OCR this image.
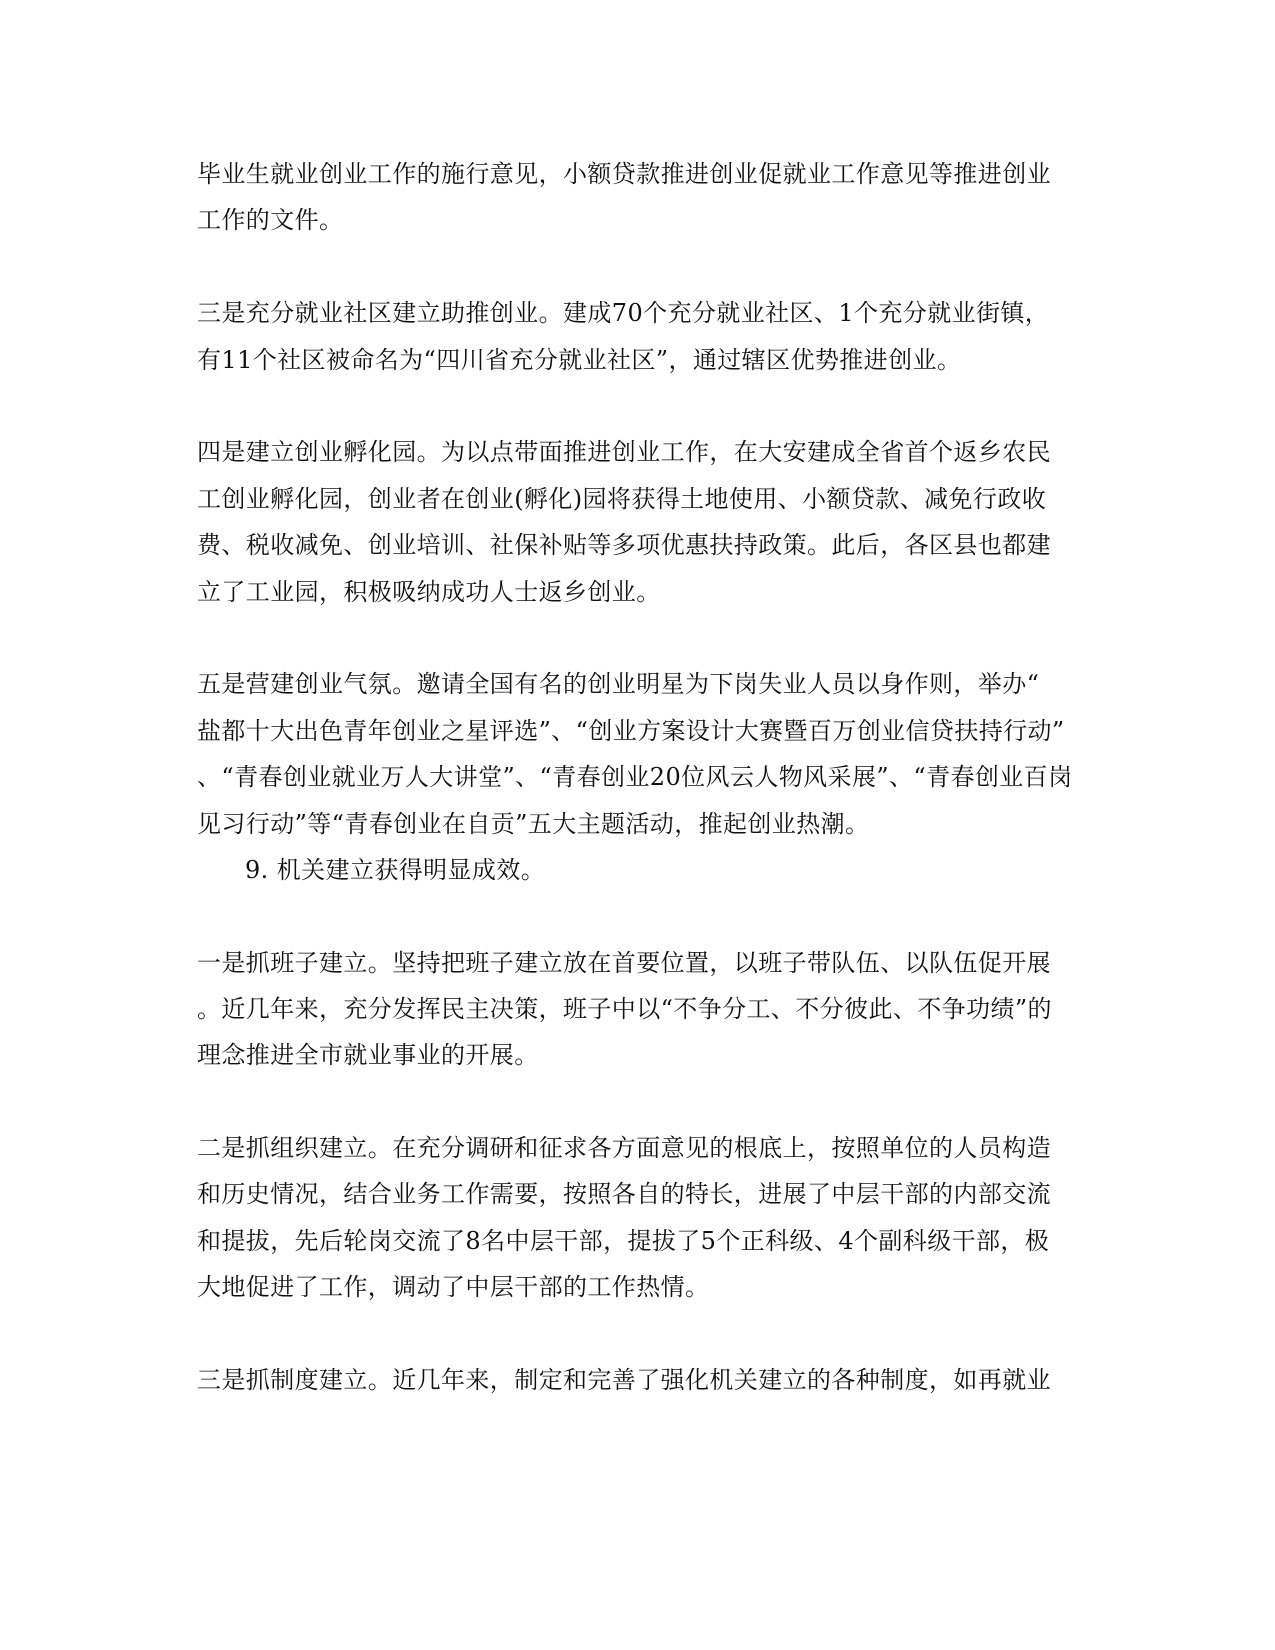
毕业生就业创业工作的施行意见，小额贷款推进创业促就业工作意见等推进创业
工作的文件。
三是充分就业社区建立助推创业。建成70个充分就业社区、1个充分就业街镇，
有11个社区被命名为“四川省充分就业社区”，通过辖区优势推进创业。
四是建立创业孵化园。为以点带面推进创业工作，在大安建成全省首个返乡农民
工创业孵化园，创业者在创业(孵化)园将获得土地使用、小额贷款、减免行政收
费、税收减免、创业培训、社保补贴等多项优惠扶持政策。此后，各区县也都建
立了工业园，积极吸纳成功人士返乡创业。
五是营建创业气氛。邀请全国有名的创业明星为下岗失业人员以身作则，举办“
盐都十大出色青年创业之星评选”、“创业方案设计大赛暨百万创业信贷扶持行动”
、“青春创业就业万人大讲堂”、“青春创业20位风云人物风采展”、“青春创业百岗
见习行动”等“青春创业在自贡”五大主题活动，推起创业热潮。
9. 机关建立获得明显成效。
一是抓班子建立。坚持把班子建立放在首要位置，以班子带队伍、以队伍促开展
。近几年来，充分发挥民主决策，班子中以“不争分工、不分彼此、不争功绩”的
理念推进全市就业事业的开展。
二是抓组织建立。在充分调研和征求各方面意见的根底上，按照单位的人员构造
和历史情况，结合业务工作需要，按照各自的特长，进展了中层干部的内部交流
和提拔，先后轮岗交流了8名中层干部，提拔了5个正科级、4个副科级干部，极
大地促进了工作，调动了中层干部的工作热情。
三是抓制度建立。近几年来，制定和完善了强化机关建立的各种制度，如再就业
